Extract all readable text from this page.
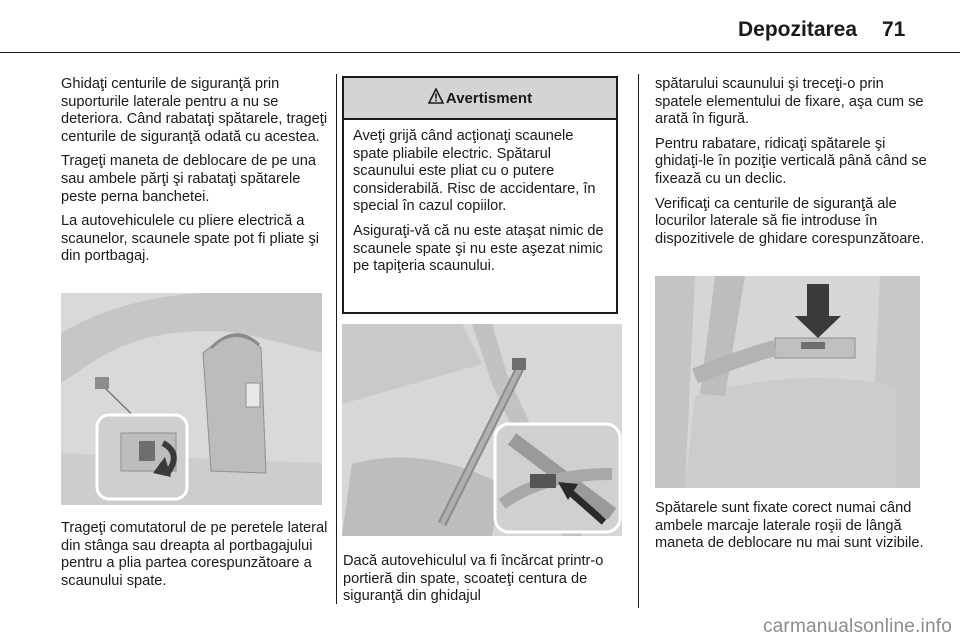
Depozitarea 71

Ghidaţi centurile de siguranţă prin suporturile laterale pentru a nu se deteriora. Când rabataţi spătarele, trageţi centurile de siguranţă odată cu acestea.

Trageţi maneta de deblocare de pe una sau ambele părţi şi rabataţi spătarele peste perna banchetei.

La autovehiculele cu pliere electrică a scaunelor, scaunele spate pot fi pliate şi din portbagaj.

Trageţi comutatorul de pe peretele lateral din stânga sau dreapta al portbagajului pentru a plia partea corespunzătoare a scaunului spate.

Avertisment

Aveţi grijă când acţionaţi scaunele spate pliabile electric. Spătarul scaunului este pliat cu o putere considerabilă. Risc de accidentare, în special în cazul copiilor.

Asiguraţi-vă că nu este ataşat nimic de scaunele spate şi nu este aşezat nimic pe tapiţeria scaunului.

Dacă autovehiculul va fi încărcat printr-o portieră din spate, scoateţi centura de siguranţă din ghidajul

spătarului scaunului şi treceţi-o prin spatele elementului de fixare, aşa cum se arată în figură.

Pentru rabatare, ridicaţi spătarele şi ghidaţi-le în poziţie verticală până când se fixează cu un declic.

Verificaţi ca centurile de siguranţă ale locurilor laterale să fie introduse în dispozitivele de ghidare corespunzătoare.

Spătarele sunt fixate corect numai când ambele marcaje laterale roşii de lângă maneta de deblocare nu mai sunt vizibile.

carmanualsonline.info
